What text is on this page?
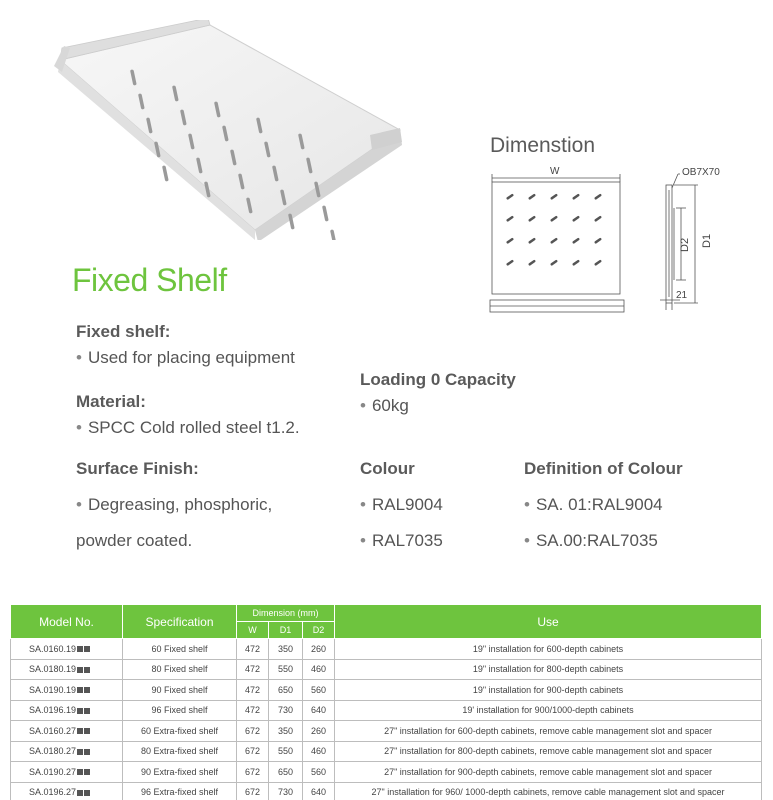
Dimenstion
W	OB7X70
D2 D1
21
Fixed Shelf
Fixed shelf:
• Used for placing equipment
Material:
• SPCC Cold rolled steel t1.2.
Surface Finish:
• Degreasing, phosphoric,
powder coated.
Loading 0 Capacity
• 60kg
Colour
• RAL9004
• RAL7035
Definition of Colour
• SA. 01:RAL9004
• SA.00:RAL7035
Model No.	Specification	Dimension (mm)			Use
		W	D1	D2	
SA.0160.19	60 Fixed shelf	472	350	260	19" installation for 600-depth cabinets
SA.0180.19	80 Fixed shelf	472	550	460	19" installation for 800-depth cabinets
SA.0190.19	90 Fixed shelf	472	650	560	19" installation for 900-depth cabinets
SA.0196.19	96 Fixed shelf	472	730	640	19' installation for 900/1000-depth cabinets
SA.0160.27	60 Extra-fixed shelf	672	350	260	27" installation for 600-depth cabinets, remove cable management slot and spacer
SA.0180.27	80 Extra-fixed shelf	672	550	460	27" installation for 800-depth cabinets, remove cable management slot and spacer
SA.0190.27	90 Extra-fixed shelf	672	650	560	27" installation for 900-depth cabinets, remove cable management slot and spacer
SA.0196.27	96 Extra-fixed shelf	672	730	640	27" installation for 960/ 1000-depth cabinets, remove cable management slot and spacer
